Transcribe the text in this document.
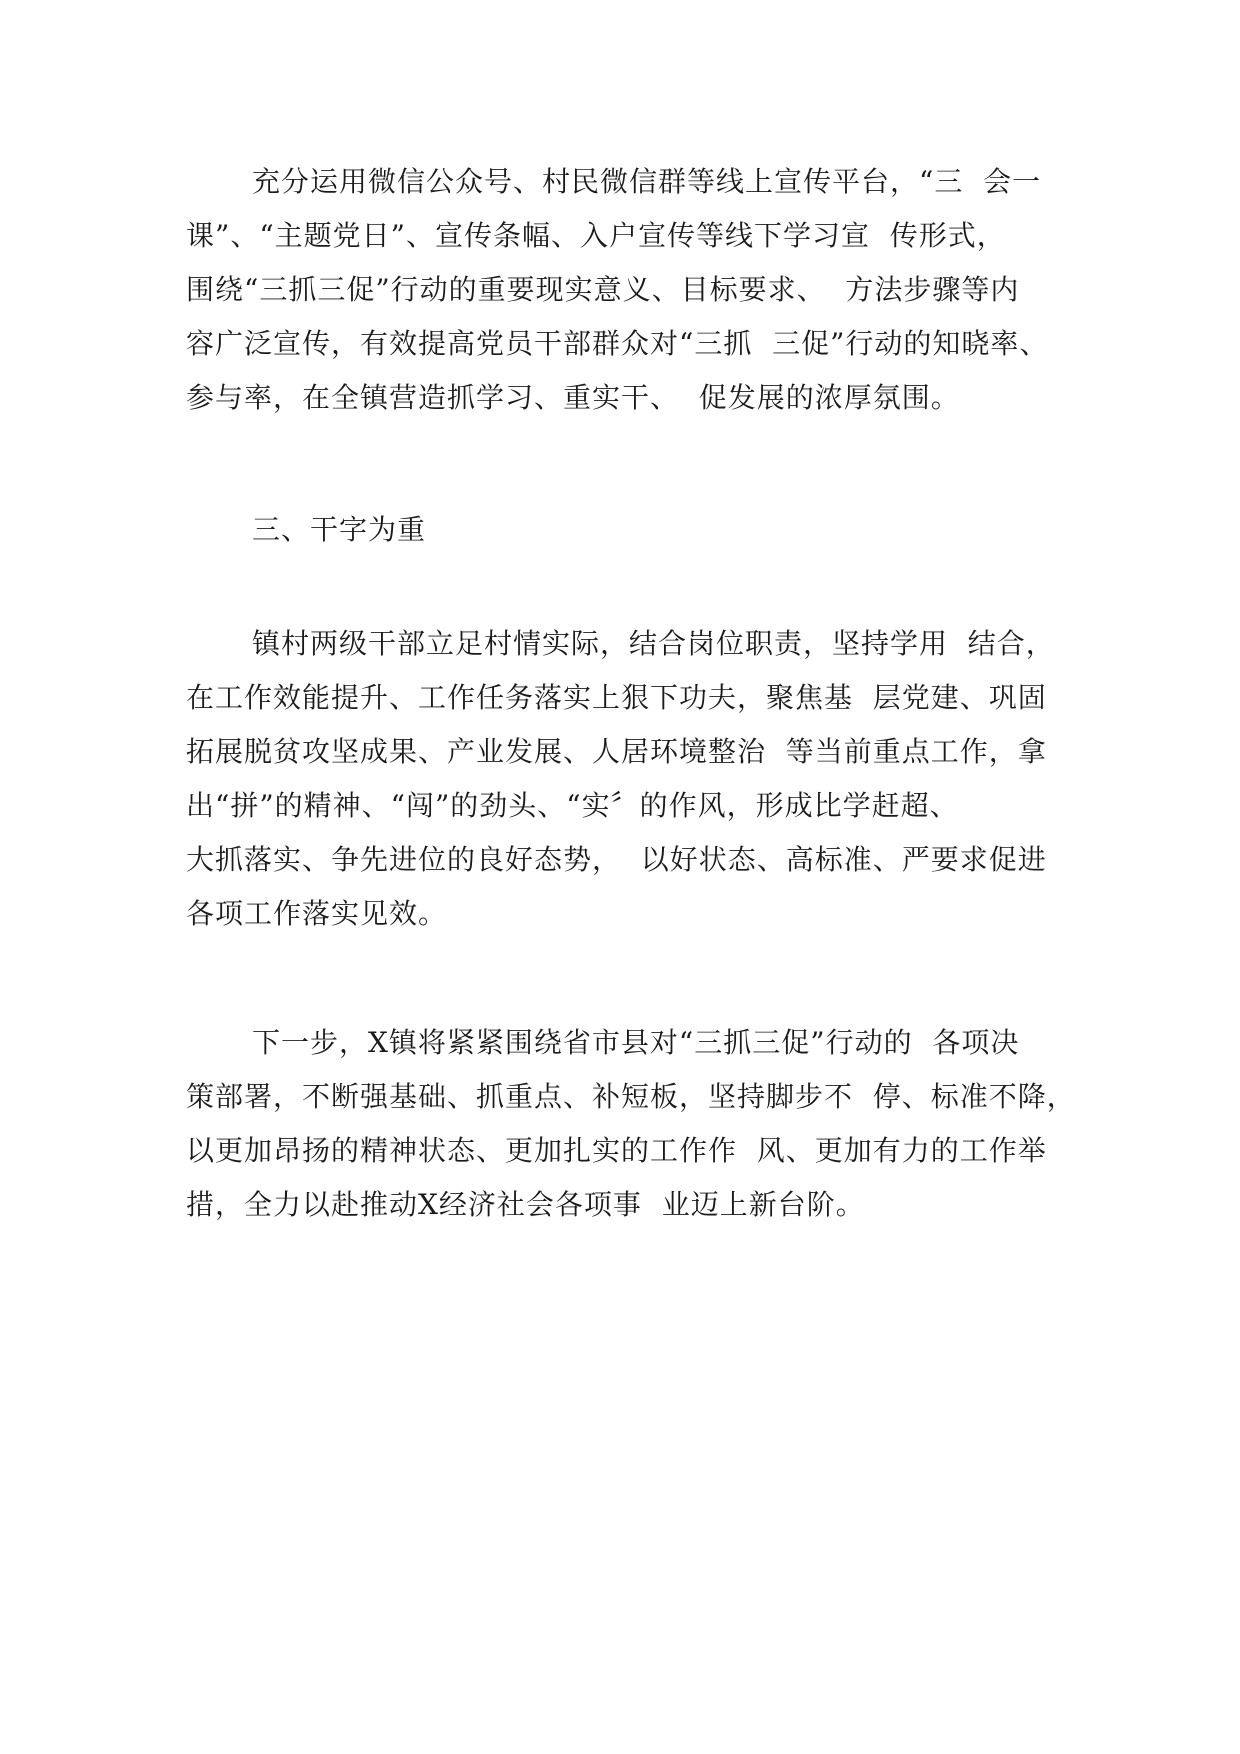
充分运用微信公众号、村民微信群等线上宣传平台，“三  会一
课”、“主题党日”、宣传条幅、入户宣传等线下学习宣  传形式，
围绕“三抓三促”行动的重要现实意义、目标要求、  方法步骤等内
容广泛宣传，有效提高党员干部群众对“三抓  三促”行动的知晓率、
参与率，在全镇营造抓学习、重实干、  促发展的浓厚氛围。
三、干字为重
镇村两级干部立足村情实际，结合岗位职责，坚持学用  结合，
在工作效能提升、工作任务落实上狠下功夫，聚焦基  层党建、巩固
拓展脱贫攻坚成果、产业发展、人居环境整治  等当前重点工作，拿
出“拼”的精神、“闯”的劲头、“实〞的作风，形成比学赶超、
大抓落实、争先进位的良好态势，  以好状态、高标准、严要求促进
各项工作落实见效。
下一步，X镇将紧紧围绕省市县对“三抓三促”行动的  各项决
策部署，不断强基础、抓重点、补短板，坚持脚步不  停、标准不降，
以更加昂扬的精神状态、更加扎实的工作作  风、更加有力的工作举
措，全力以赴推动X经济社会各项事  业迈上新台阶。
